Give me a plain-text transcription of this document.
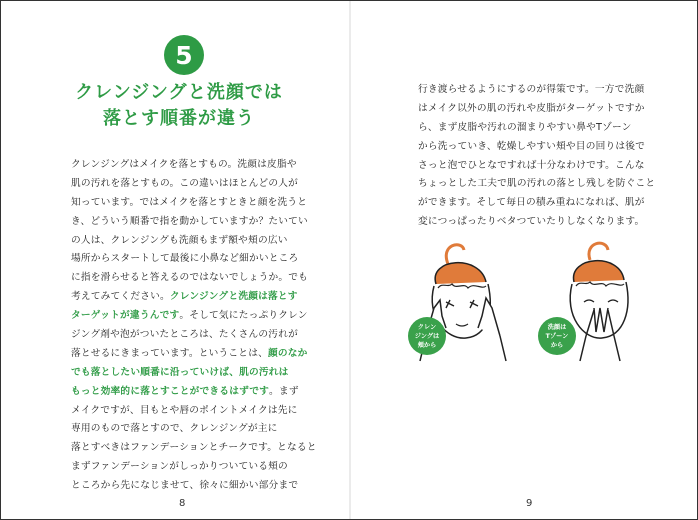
5
クレンジングと洗顔では
落とす順番が違う
クレンジングはメイクを落とすもの。洗顔は皮脂や
肌の汚れを落とすもの。この違いはほとんどの人が
知っています。ではメイクを落とすときと顔を洗うと
き、どういう順番で指を動かしていますか？たいてい
の人は、クレンジングも洗顔もまず額や頬の広い
場所からスタートして最後に小鼻など細かいところ
に指を滑らせると答えるのではないでしょうか。でも
考えてみてください。クレンジングと洗顔は落とす
ターゲットが違うんです。そして気にたっぷりクレン
ジング剤や泡がついたところは、たくさんの汚れが
落とせるにきまっています。ということは、顔のなか
でも落としたい順番に沿っていけば、肌の汚れは
もっと効率的に落とすことができるはずです。まず
メイクですが、目もとや唇のポイントメイクは先に
専用のもので落とすので、クレンジングが主に
落とすべきはファンデーションとチークです。となると
まずファンデーションがしっかりついている頬の
ところから先になじませて、徐々に細かい部分まで
8
行き渡らせるようにするのが得策です。一方で洗顔
はメイク以外の肌の汚れや皮脂がターゲットですか
ら、まず皮脂や汚れの溜まりやすい鼻やTゾーン
から洗っていき、乾燥しやすい頬や目の回りは後で
さっと泡でひとなですれば十分なわけです。こんな
ちょっとした工夫で肌の汚れの落とし残しを防ぐこと
ができます。そして毎日の積み重ねになれば、肌が
変につっぱったりベタつていたりしなくなります。
クレン
ジングは
頬から
洗顔は
Tゾーン
から
9
